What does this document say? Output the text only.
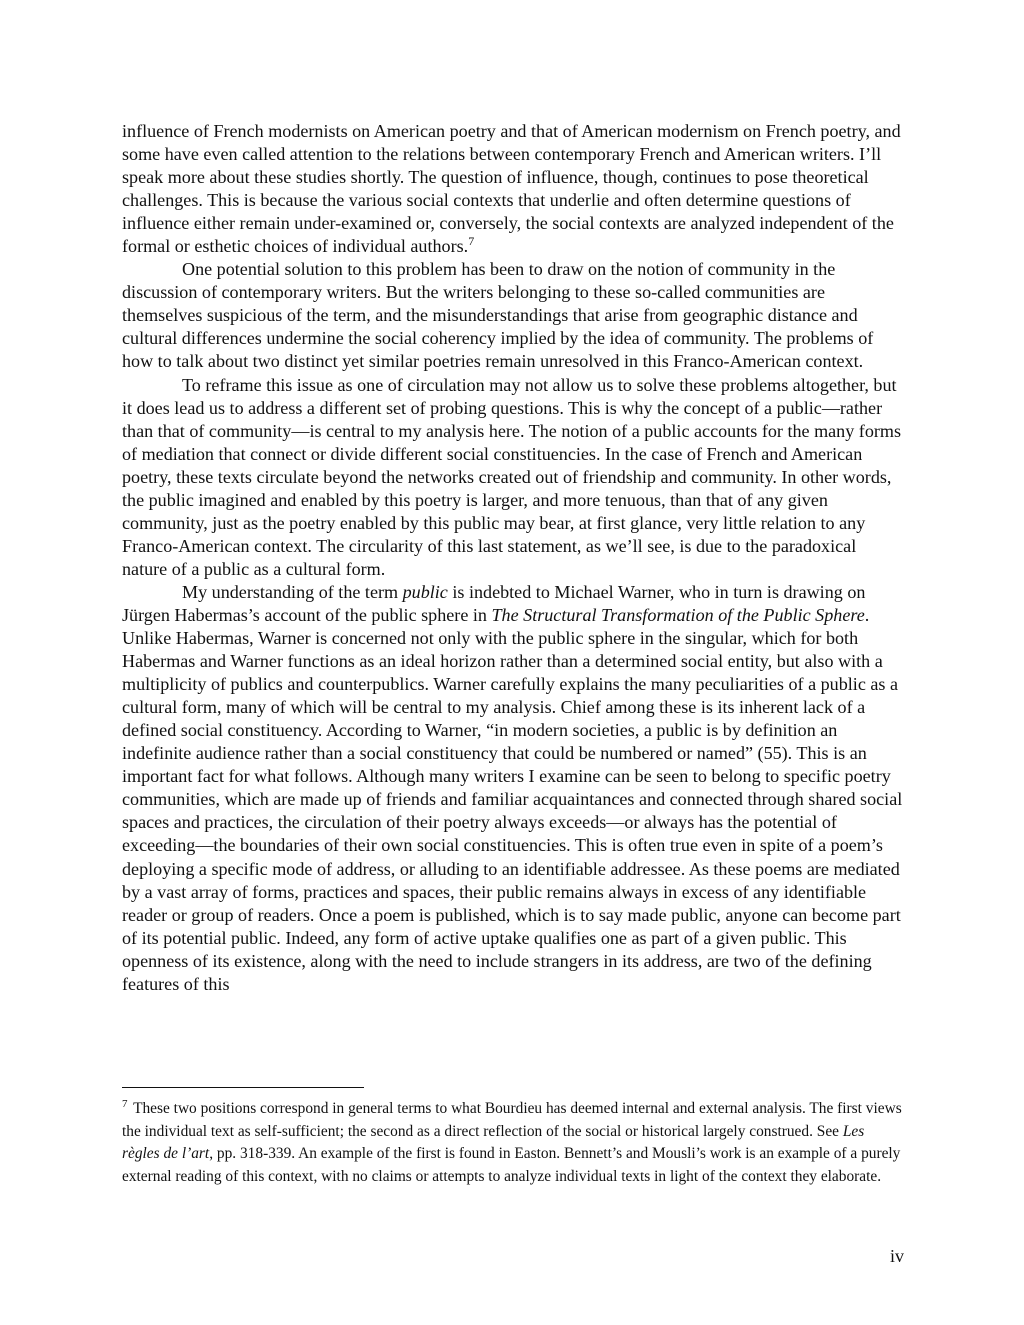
influence of French modernists on American poetry and that of American modernism on French poetry, and some have even called attention to the relations between contemporary French and American writers. I’ll speak more about these studies shortly. The question of influence, though, continues to pose theoretical challenges. This is because the various social contexts that underlie and often determine questions of influence either remain under-examined or, conversely, the social contexts are analyzed independent of the formal or esthetic choices of individual authors.$^7$

One potential solution to this problem has been to draw on the notion of community in the discussion of contemporary writers. But the writers belonging to these so-called communities are themselves suspicious of the term, and the misunderstandings that arise from geographic distance and cultural differences undermine the social coherency implied by the idea of community. The problems of how to talk about two distinct yet similar poetries remain unresolved in this Franco-American context.

To reframe this issue as one of circulation may not allow us to solve these problems altogether, but it does lead us to address a different set of probing questions. This is why the concept of a public—rather than that of community—is central to my analysis here. The notion of a public accounts for the many forms of mediation that connect or divide different social constituencies. In the case of French and American poetry, these texts circulate beyond the networks created out of friendship and community. In other words, the public imagined and enabled by this poetry is larger, and more tenuous, than that of any given community, just as the poetry enabled by this public may bear, at first glance, very little relation to any Franco-American context. The circularity of this last statement, as we’ll see, is due to the paradoxical nature of a public as a cultural form.

My understanding of the term public is indebted to Michael Warner, who in turn is drawing on Jürgen Habermas’s account of the public sphere in The Structural Transformation of the Public Sphere. Unlike Habermas, Warner is concerned not only with the public sphere in the singular, which for both Habermas and Warner functions as an ideal horizon rather than a determined social entity, but also with a multiplicity of publics and counterpublics. Warner carefully explains the many peculiarities of a public as a cultural form, many of which will be central to my analysis. Chief among these is its inherent lack of a defined social constituency. According to Warner, “in modern societies, a public is by definition an indefinite audience rather than a social constituency that could be numbered or named” (55). This is an important fact for what follows. Although many writers I examine can be seen to belong to specific poetry communities, which are made up of friends and familiar acquaintances and connected through shared social spaces and practices, the circulation of their poetry always exceeds—or always has the potential of exceeding—the boundaries of their own social constituencies. This is often true even in spite of a poem’s deploying a specific mode of address, or alluding to an identifiable addressee. As these poems are mediated by a vast array of forms, practices and spaces, their public remains always in excess of any identifiable reader or group of readers. Once a poem is published, which is to say made public, anyone can become part of its potential public. Indeed, any form of active uptake qualifies one as part of a given public. This openness of its existence, along with the need to include strangers in its address, are two of the defining features of this

$^7$ These two positions correspond in general terms to what Bourdieu has deemed internal and external analysis. The first views the individual text as self-sufficient; the second as a direct reflection of the social or historical largely construed. See Les règles de l’art, pp. 318-339. An example of the first is found in Easton. Bennett’s and Mousli’s work is an example of a purely external reading of this context, with no claims or attempts to analyze individual texts in light of the context they elaborate.

iv
